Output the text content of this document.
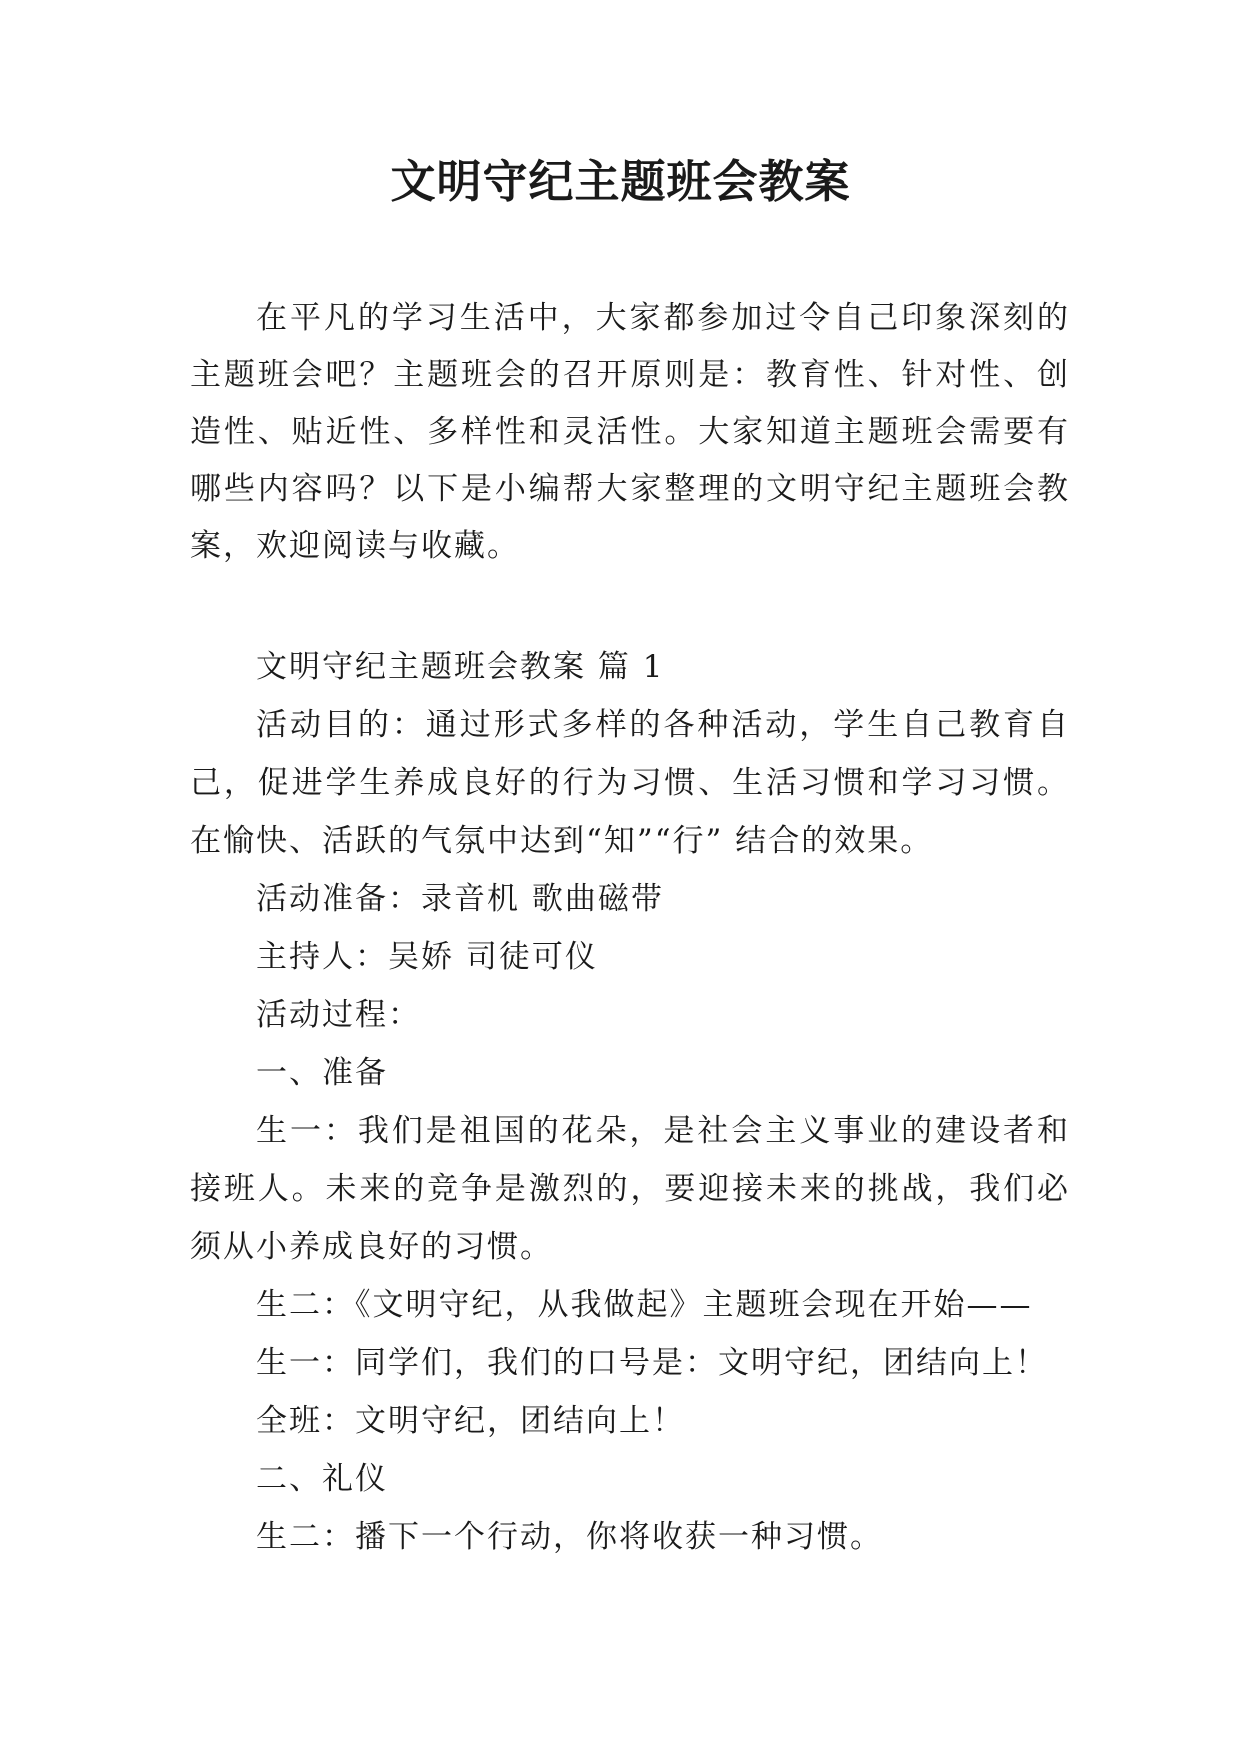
文明守纪主题班会教案

在平凡的学习生活中，大家都参加过令自己印象深刻的主题班会吧？主题班会的召开原则是：教育性、针对性、创造性、贴近性、多样性和灵活性。大家知道主题班会需要有哪些内容吗？以下是小编帮大家整理的文明守纪主题班会教案，欢迎阅读与收藏。

文明守纪主题班会教案 篇 1

活动目的：通过形式多样的各种活动，学生自己教育自己，促进学生养成良好的行为习惯、生活习惯和学习习惯。在愉快、活跃的气氛中达到“知”“行” 结合的效果。

活动准备：录音机 歌曲磁带

主持人：吴娇 司徒可仪

活动过程：

一、准备

生一：我们是祖国的花朵，是社会主义事业的建设者和接班人。未来的竞争是激烈的，要迎接未来的挑战，我们必须从小养成良好的习惯。

生二：《文明守纪，从我做起》主题班会现在开始——

生一：同学们，我们的口号是：文明守纪，团结向上！

全班：文明守纪，团结向上！

二、礼仪

生二：播下一个行动，你将收获一种习惯。
